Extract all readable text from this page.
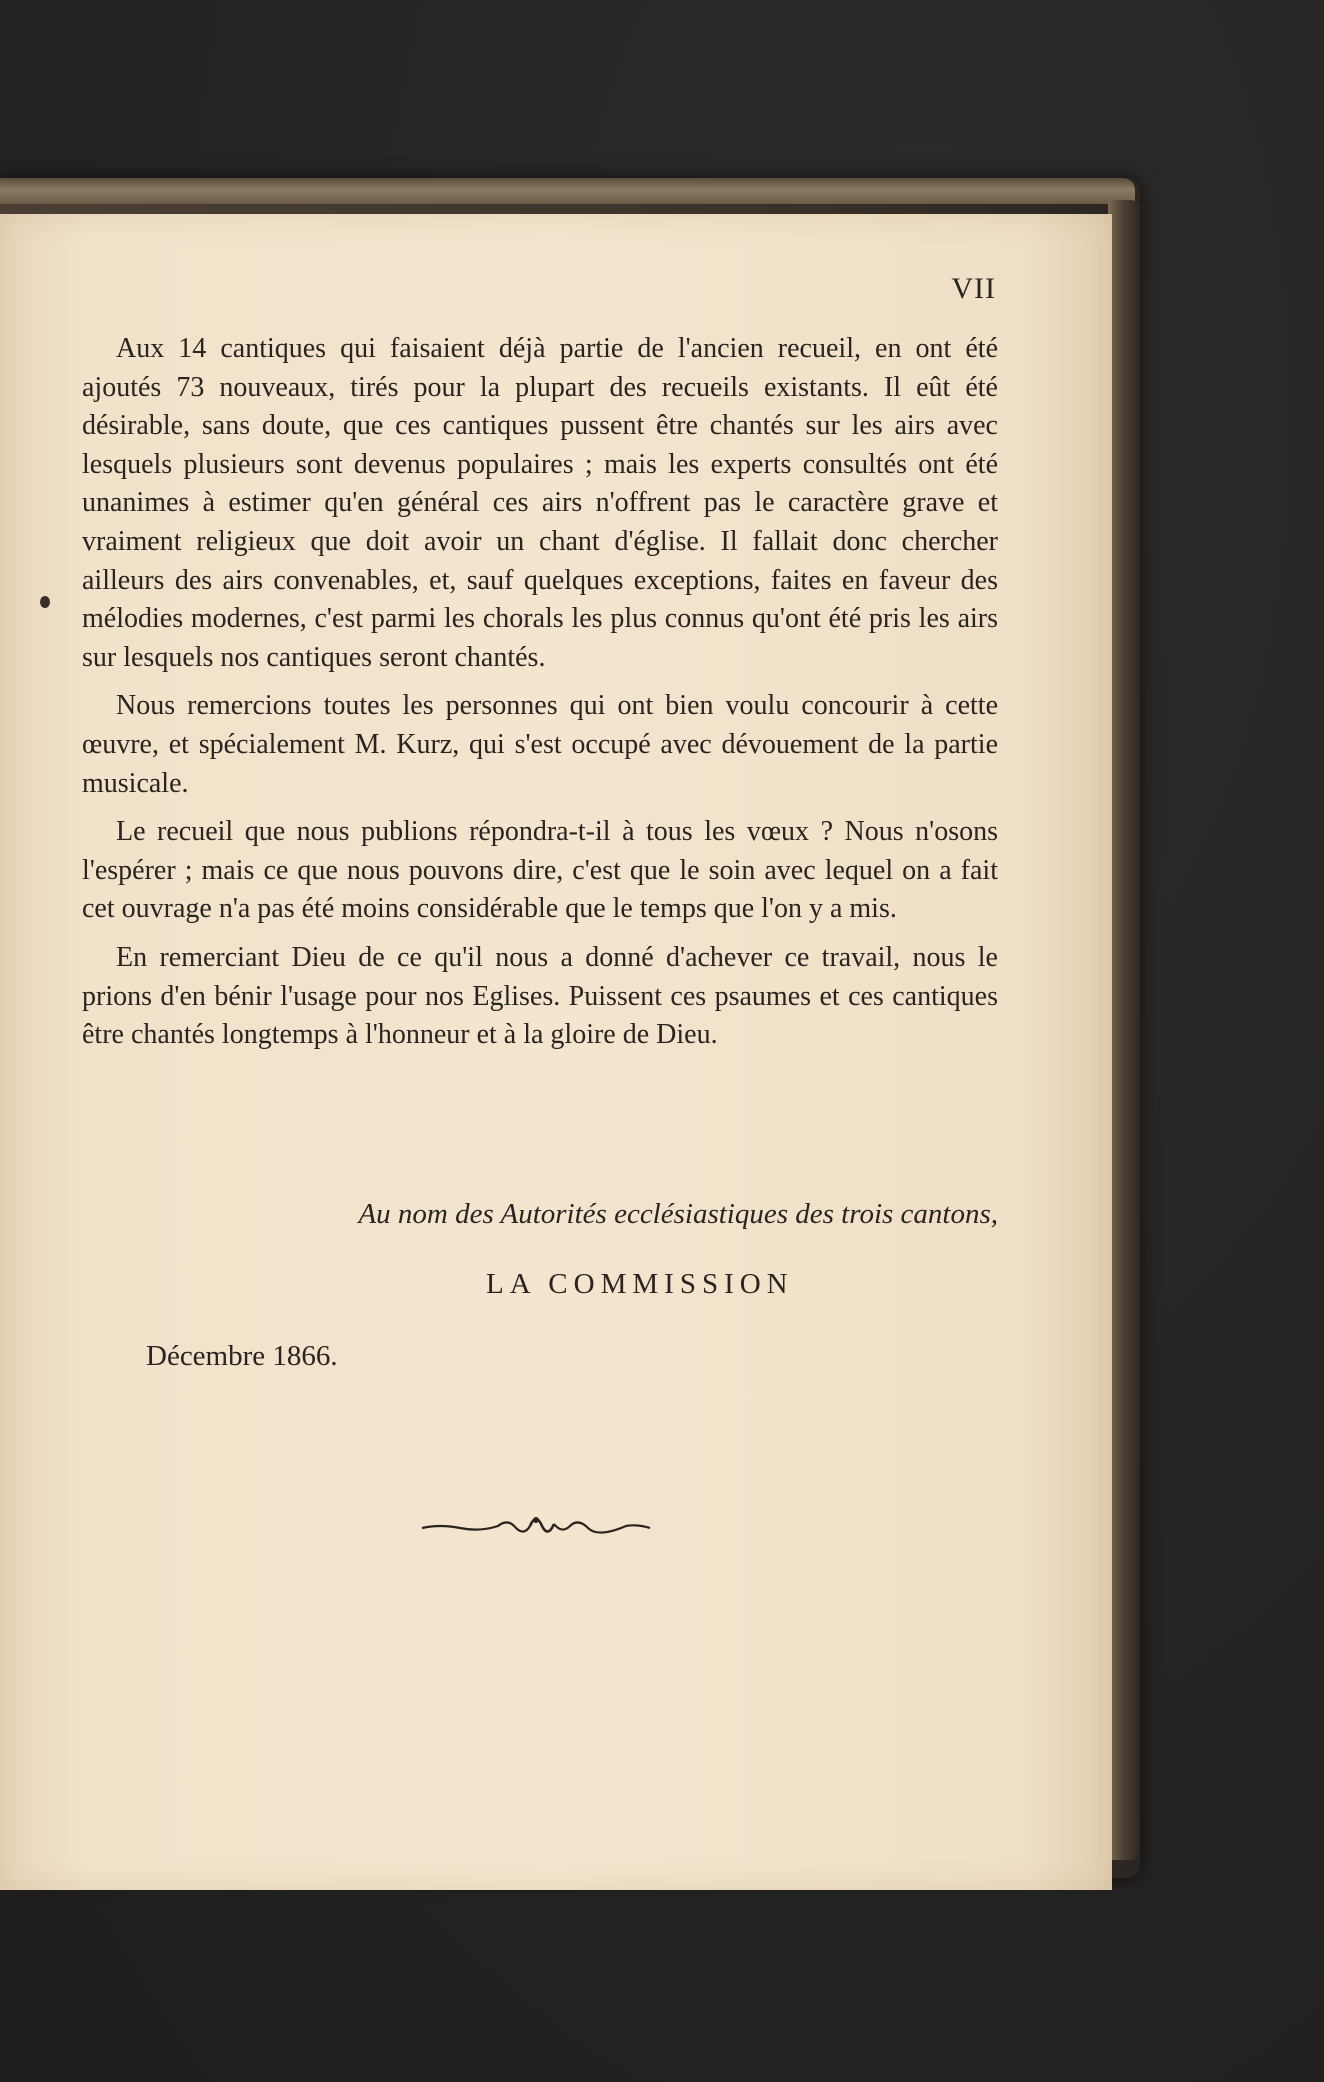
VII

Aux 14 cantiques qui faisaient déjà partie de l'ancien recueil, en ont été ajoutés 73 nouveaux, tirés pour la plupart des recueils existants. Il eût été désirable, sans doute, que ces cantiques pussent être chantés sur les airs avec lesquels plusieurs sont devenus populaires ; mais les experts consultés ont été unanimes à estimer qu'en général ces airs n'offrent pas le caractère grave et vraiment religieux que doit avoir un chant d'église. Il fallait donc chercher ailleurs des airs convenables, et, sauf quelques exceptions, faites en faveur des mélodies modernes, c'est parmi les chorals les plus connus qu'ont été pris les airs sur lesquels nos cantiques seront chantés.

Nous remercions toutes les personnes qui ont bien voulu concourir à cette œuvre, et spécialement M. Kurz, qui s'est occupé avec dévouement de la partie musicale.

Le recueil que nous publions répondra-t-il à tous les vœux ? Nous n'osons l'espérer ; mais ce que nous pouvons dire, c'est que le soin avec lequel on a fait cet ouvrage n'a pas été moins considérable que le temps que l'on y a mis.

En remerciant Dieu de ce qu'il nous a donné d'achever ce travail, nous le prions d'en bénir l'usage pour nos Eglises. Puissent ces psaumes et ces cantiques être chantés longtemps à l'honneur et à la gloire de Dieu.

Au nom des Autorités ecclésiastiques des trois cantons,
LA COMMISSION
Décembre 1866.
